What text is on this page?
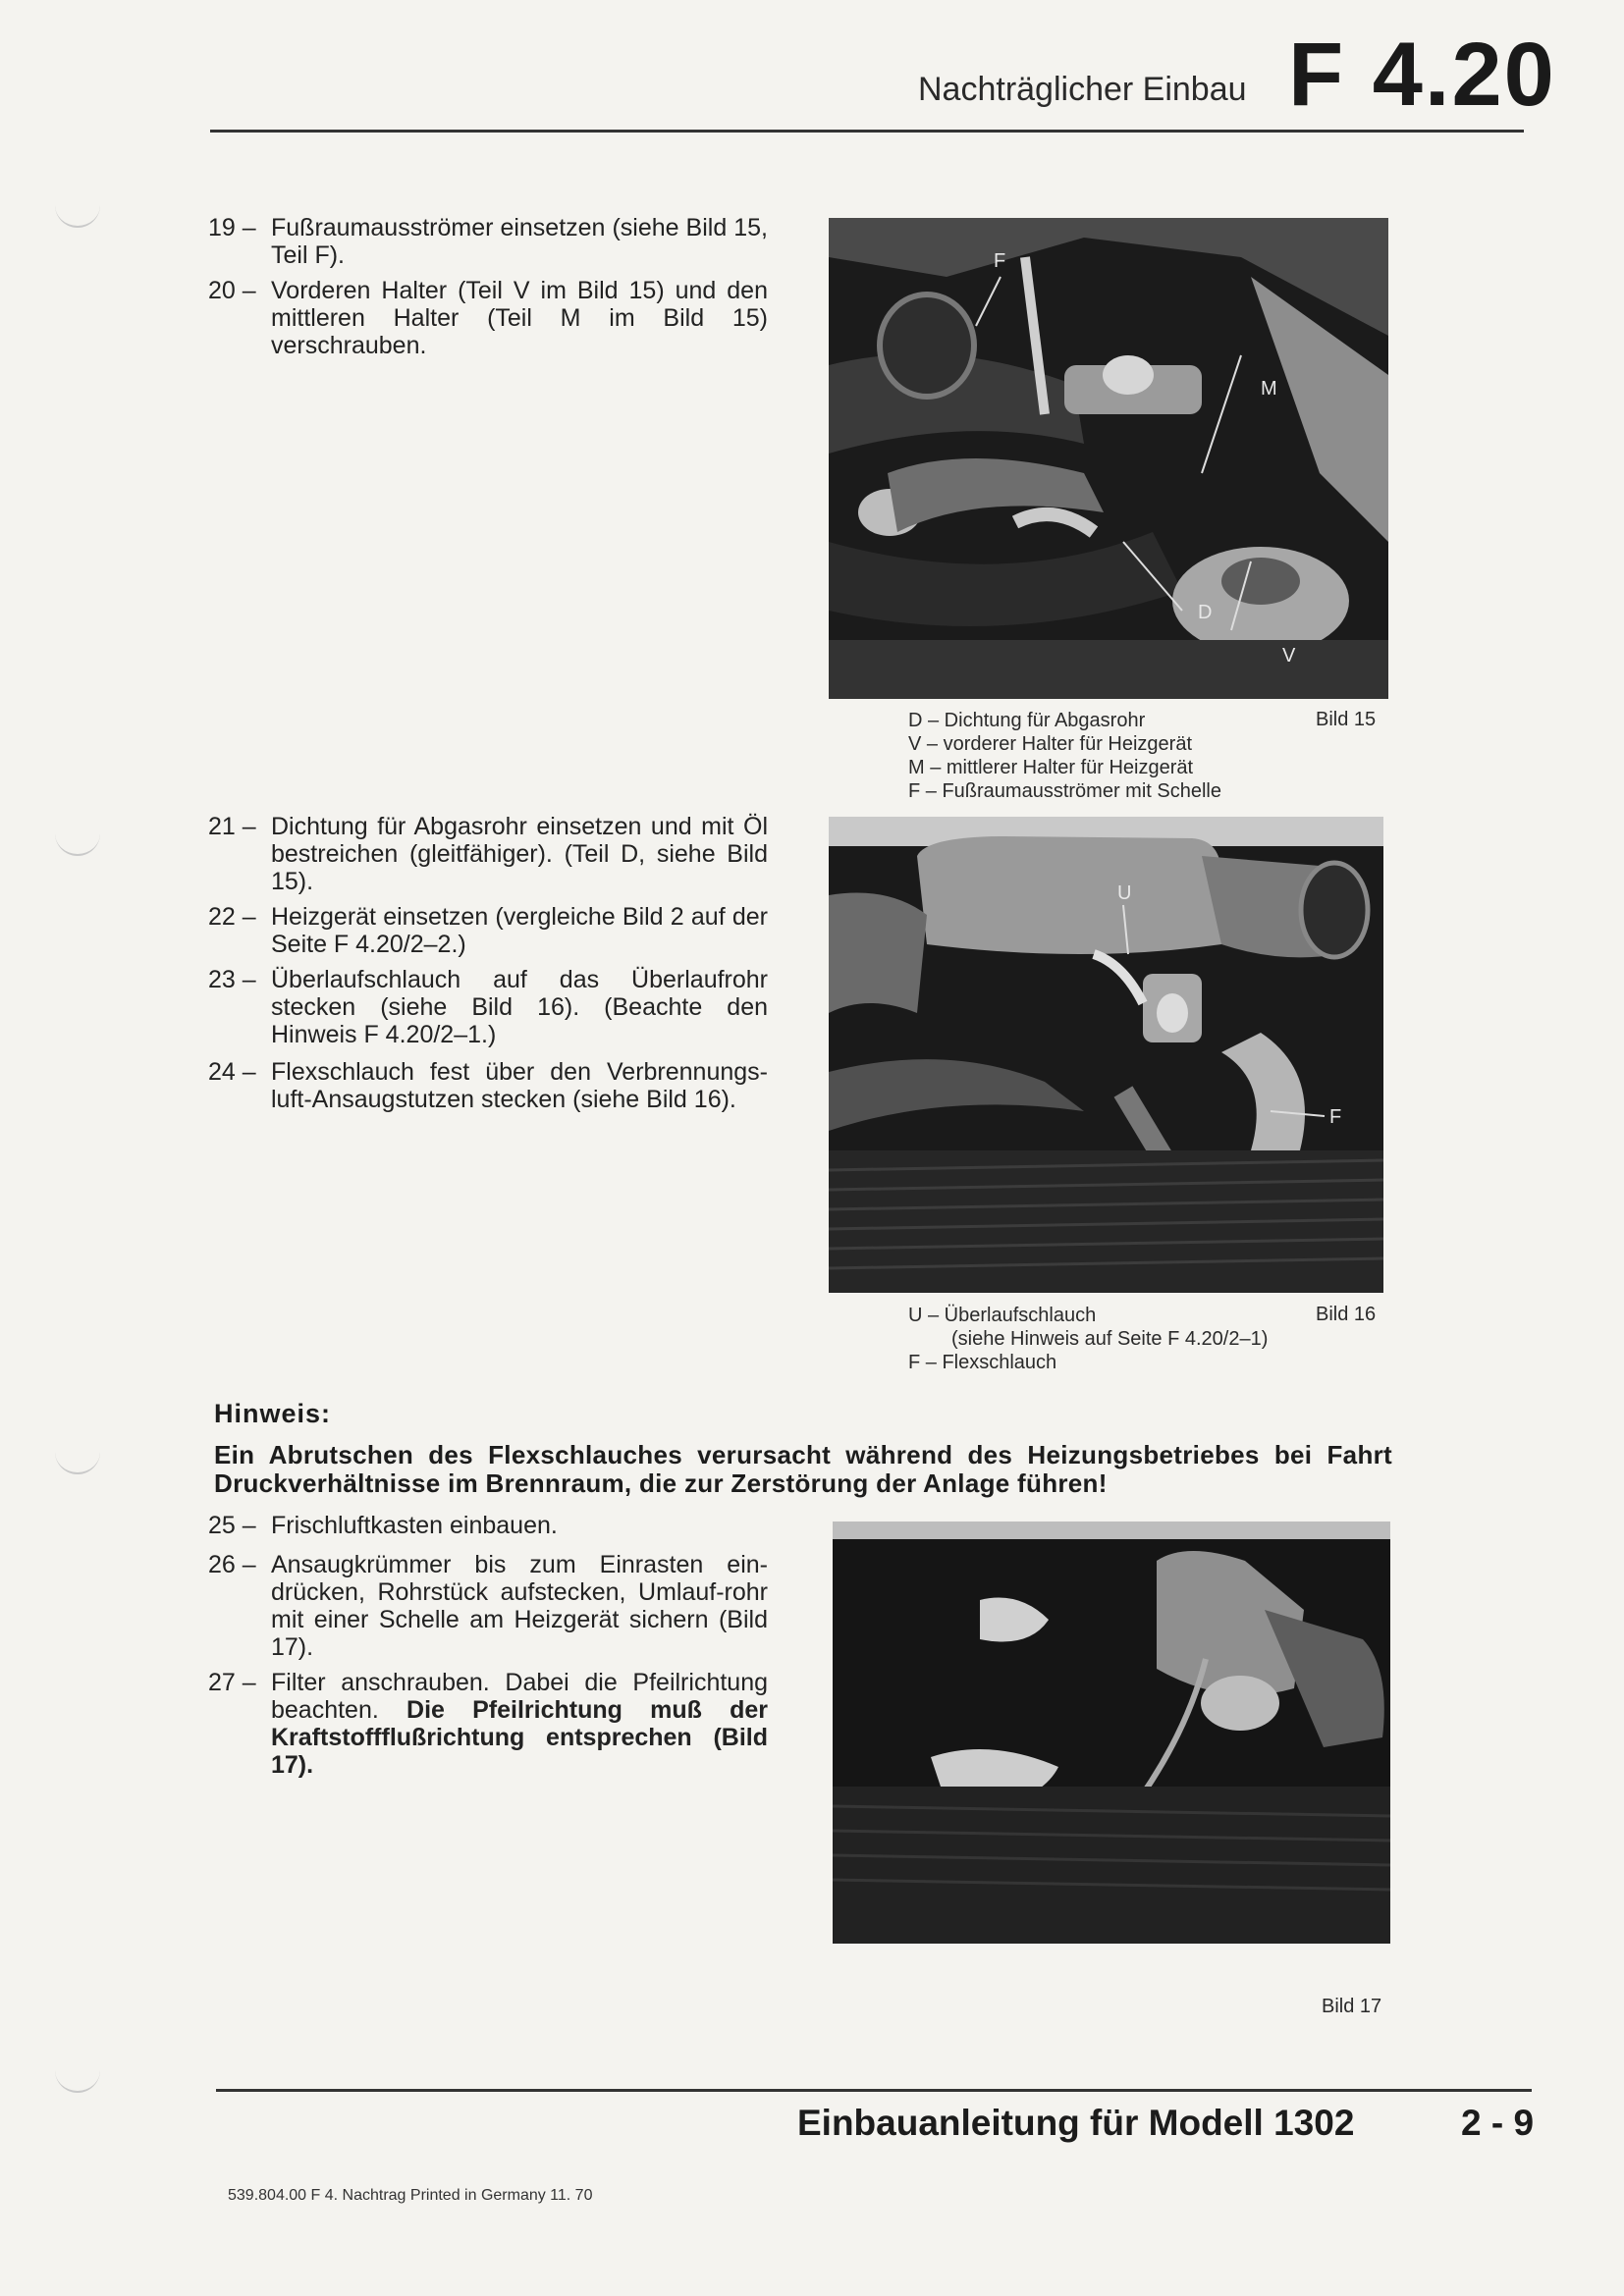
Nachträglicher Einbau F 4.20
19 – Fußraumausströmer einsetzen (siehe Bild 15, Teil F).
20 – Vorderen Halter (Teil V im Bild 15) und den mittleren Halter (Teil M im Bild 15) verschrauben.
F
M
D
V
D – Dichtung für Abgasrohr
V – vorderer Halter für Heizgerät
M – mittlerer Halter für Heizgerät
F – Fußraumausströmer mit Schelle
Bild 15
21 – Dichtung für Abgasrohr einsetzen und mit Öl bestreichen (gleitfähiger). (Teil D, siehe Bild 15).
22 – Heizgerät einsetzen (vergleiche Bild 2 auf der Seite F 4.20/2–2.)
23 – Überlaufschlauch auf das Überlaufrohr stecken (siehe Bild 16). (Beachte den Hinweis F 4.20/2–1.)
24 – Flexschlauch fest über den Verbrennungs-luft-Ansaugstutzen stecken (siehe Bild 16).
U
F
U – Überlaufschlauch
(siehe Hinweis auf Seite F 4.20/2–1)
F – Flexschlauch
Bild 16
Hinweis:
Ein Abrutschen des Flexschlauches verursacht während des Heizungsbetriebes bei Fahrt Druckverhältnisse im Brennraum, die zur Zerstörung der Anlage führen!
25 – Frischluftkasten einbauen.
26 – Ansaugkrümmer bis zum Einrasten ein-drücken, Rohrstück aufstecken, Umlauf-rohr mit einer Schelle am Heizgerät sichern (Bild 17).
27 – Filter anschrauben. Dabei die Pfeilrichtung beachten. Die Pfeilrichtung muß der Kraftstoffflußrichtung entsprechen (Bild 17).
Bild 17
Einbauanleitung für Modell 1302	2 - 9
539.804.00 F 4. Nachtrag Printed in Germany 11. 70
